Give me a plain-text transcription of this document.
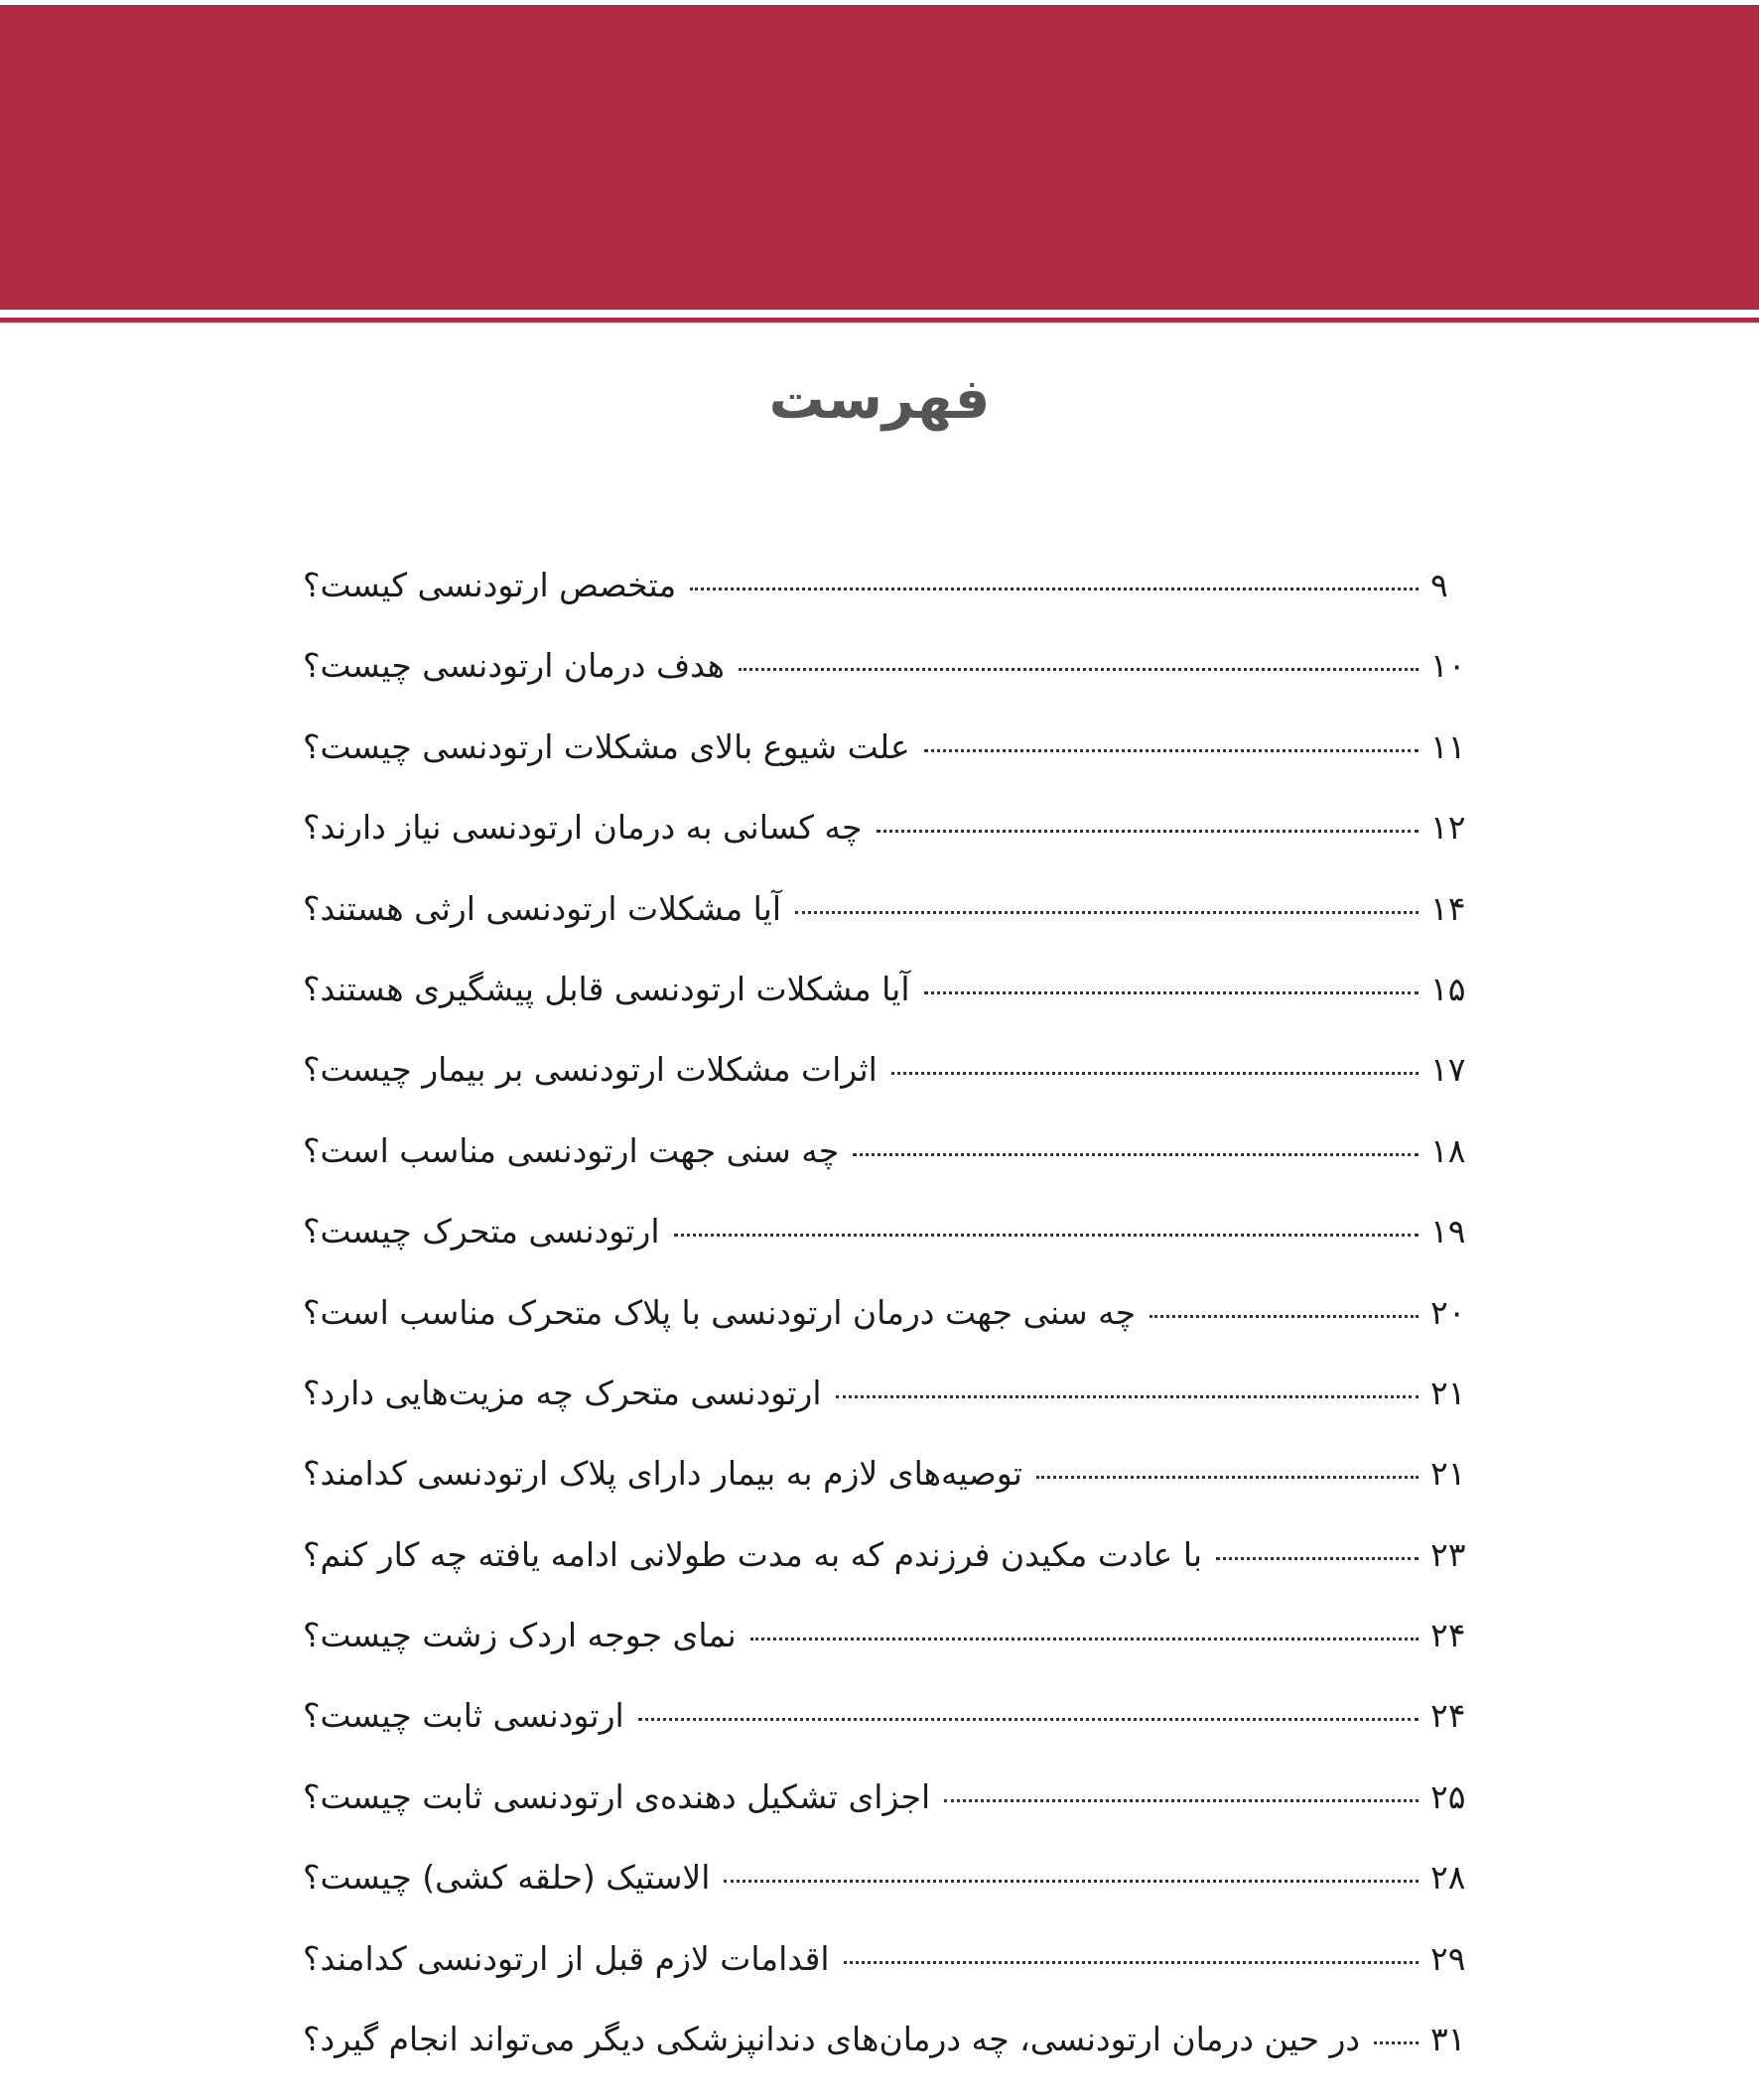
فهرست
متخصص ارتودنسی کیست؟	۹
هدف درمان ارتودنسی چیست؟	۱۰
علت شیوع بالای مشکلات ارتودنسی چیست؟	۱۱
چه کسانی به درمان ارتودنسی نیاز دارند؟	۱۲
آیا مشکلات ارتودنسی ارثی هستند؟	۱۴
آیا مشکلات ارتودنسی قابل پیشگیری هستند؟	۱۵
اثرات مشکلات ارتودنسی بر بیمار چیست؟	۱۷
چه سنی جهت ارتودنسی مناسب است؟	۱۸
ارتودنسی متحرک چیست؟	۱۹
چه سنی جهت درمان ارتودنسی با پلاک متحرک مناسب است؟	۲۰
ارتودنسی متحرک چه مزیت‌هایی دارد؟	۲۱
توصیه‌های لازم به بیمار دارای پلاک ارتودنسی کدامند؟	۲۱
با عادت مکیدن فرزندم که به مدت طولانی ادامه یافته چه کار کنم؟	۲۳
نمای جوجه اردک زشت چیست؟	۲۴
ارتودنسی ثابت چیست؟	۲۴
اجزای تشکیل دهنده‌ی ارتودنسی ثابت چیست؟	۲۵
الاستیک (حلقه کشی) چیست؟	۲۸
اقدامات لازم قبل از ارتودنسی کدامند؟	۲۹
در حین درمان ارتودنسی، چه درمان‌های دندانپزشکی دیگر می‌تواند انجام گیرد؟ ۳۱
